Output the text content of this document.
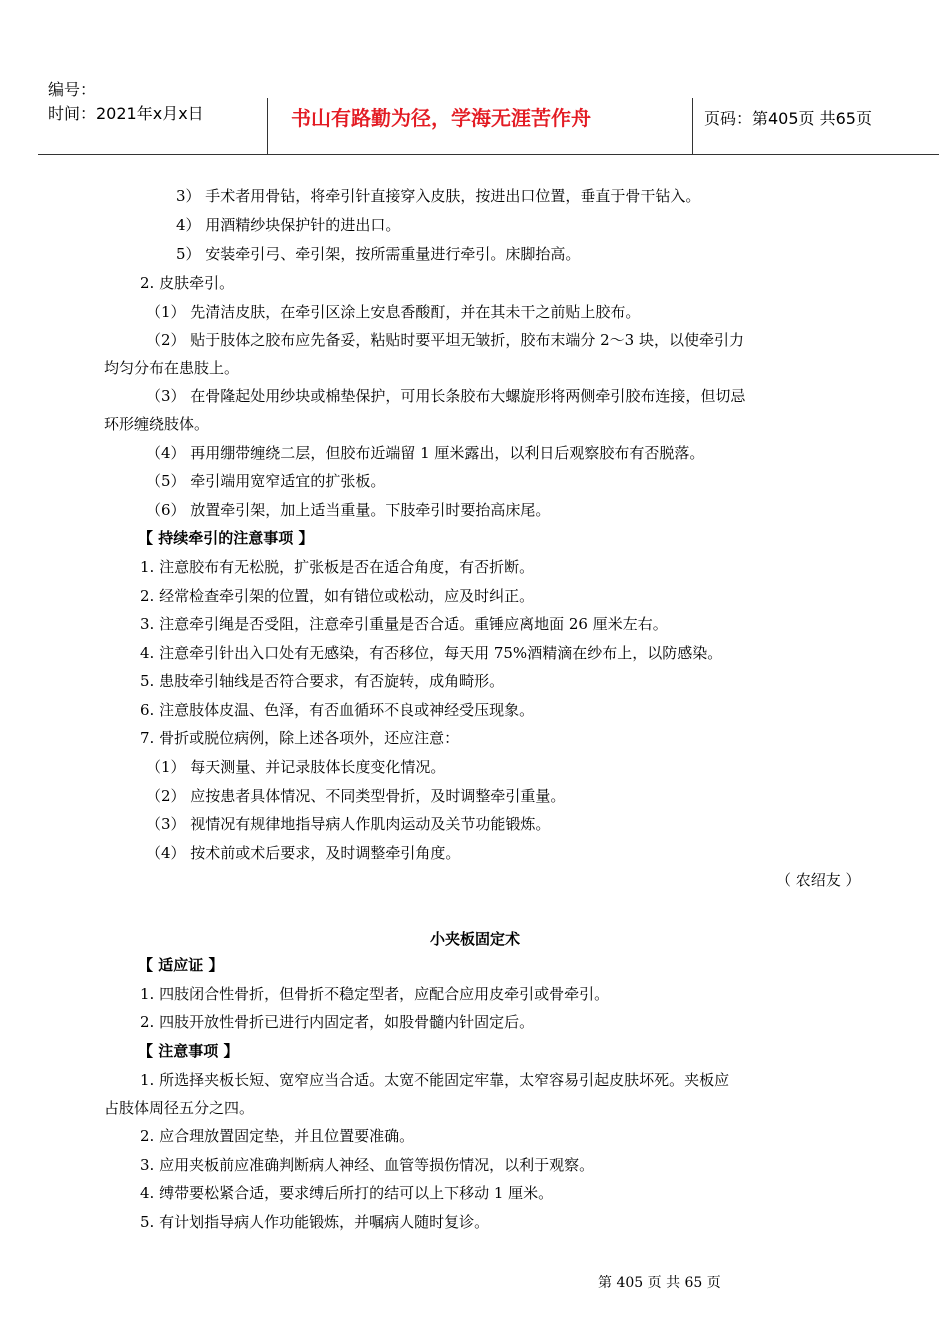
编号：
时间：2021年x月x日	书山有路勤为径，学海无涯苦作舟	页码：第405页 共65页
3） 手术者用骨钻，将牵引针直接穿入皮肤，按进出口位置，垂直于骨干钻入。
4） 用酒精纱块保护针的进出口。
5） 安装牵引弓、牵引架，按所需重量进行牵引。床脚抬高。
2. 皮肤牵引。
（1） 先清洁皮肤，在牵引区涂上安息香酸酊，并在其未干之前贴上胶布。
（2） 贴于肢体之胶布应先备妥，粘贴时要平坦无皱折，胶布末端分 2～3 块，以使牵引力
均匀分布在患肢上。
（3） 在骨隆起处用纱块或棉垫保护，可用长条胶布大螺旋形将两侧牵引胶布连接，但切忌
环形缠绕肢体。
（4） 再用绷带缠绕二层，但胶布近端留 1 厘米露出，以利日后观察胶布有否脱落。
（5） 牵引端用宽窄适宜的扩张板。
（6） 放置牵引架，加上适当重量。下肢牵引时要抬高床尾。
【 持续牵引的注意事项 】
1. 注意胶布有无松脱，扩张板是否在适合角度，有否折断。
2. 经常检查牵引架的位置，如有错位或松动，应及时纠正。
3. 注意牵引绳是否受阻，注意牵引重量是否合适。重锤应离地面 26 厘米左右。
4. 注意牵引针出入口处有无感染，有否移位，每天用 75%酒精滴在纱布上，以防感染。
5. 患肢牵引轴线是否符合要求，有否旋转，成角畸形。
6. 注意肢体皮温、色泽，有否血循环不良或神经受压现象。
7. 骨折或脱位病例，除上述各项外，还应注意：
（1） 每天测量、并记录肢体长度变化情况。
（2） 应按患者具体情况、不同类型骨折，及时调整牵引重量。
（3） 视情况有规律地指导病人作肌肉运动及关节功能锻炼。
（4） 按术前或术后要求，及时调整牵引角度。
（ 农绍友 ）
小夹板固定术
【 适应证 】
1. 四肢闭合性骨折，但骨折不稳定型者，应配合应用皮牵引或骨牵引。
2. 四肢开放性骨折已进行内固定者，如股骨髓内针固定后。
【 注意事项 】
1. 所选择夹板长短、宽窄应当合适。太宽不能固定牢靠，太窄容易引起皮肤坏死。夹板应
占肢体周径五分之四。
2. 应合理放置固定垫，并且位置要准确。
3. 应用夹板前应准确判断病人神经、血管等损伤情况，以利于观察。
4. 缚带要松紧合适，要求缚后所打的结可以上下移动 1 厘米。
5. 有计划指导病人作功能锻炼，并嘱病人随时复诊。
第 405 页 共 65 页
